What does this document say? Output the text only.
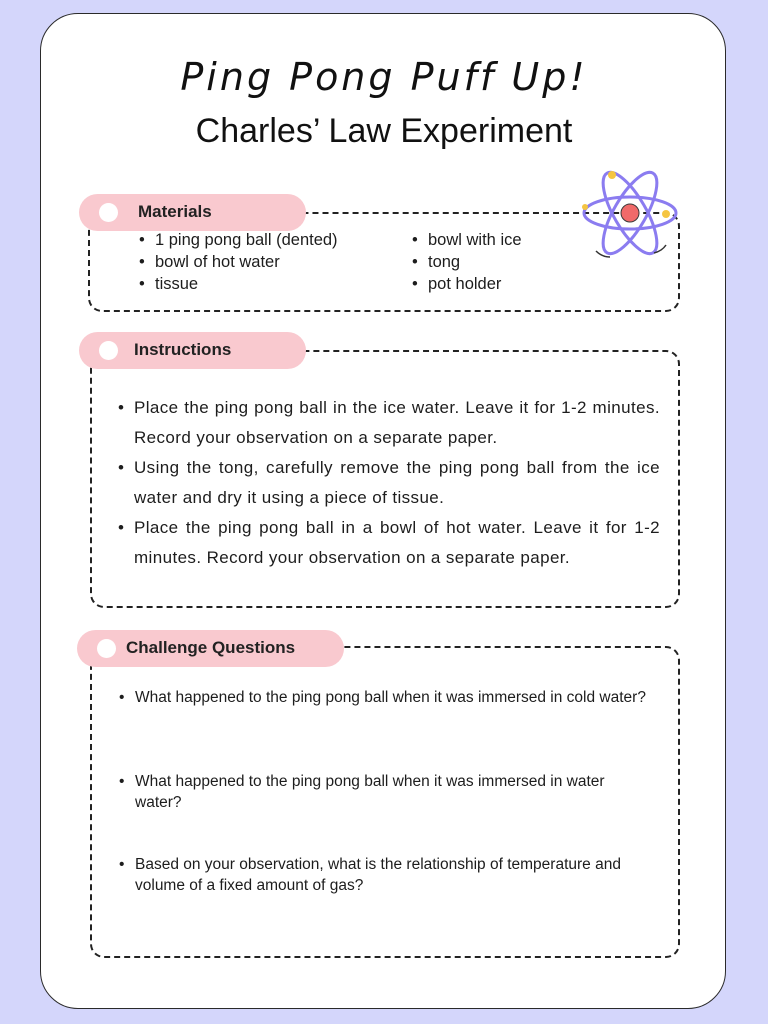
Ping Pong Puff Up!
Charles’ Law Experiment
Materials
• 1 ping pong ball (dented)
• bowl of hot water
• tissue
• bowl with ice
• tong
• pot holder
Instructions
• Place the ping pong ball in the ice water. Leave it for 1-2 minutes. Record your observation on a separate paper.
• Using the tong, carefully remove the ping pong ball from the ice water and dry it using a piece of tissue.
• Place the ping pong ball in a bowl of hot water. Leave it for 1-2 minutes. Record your observation on a separate paper.
Challenge Questions
• What happened to the ping pong ball when it was immersed in cold water?
• What happened to the ping pong ball when it was immersed in water water?
• Based on your observation, what is the relationship of temperature and volume of a fixed amount of gas?
